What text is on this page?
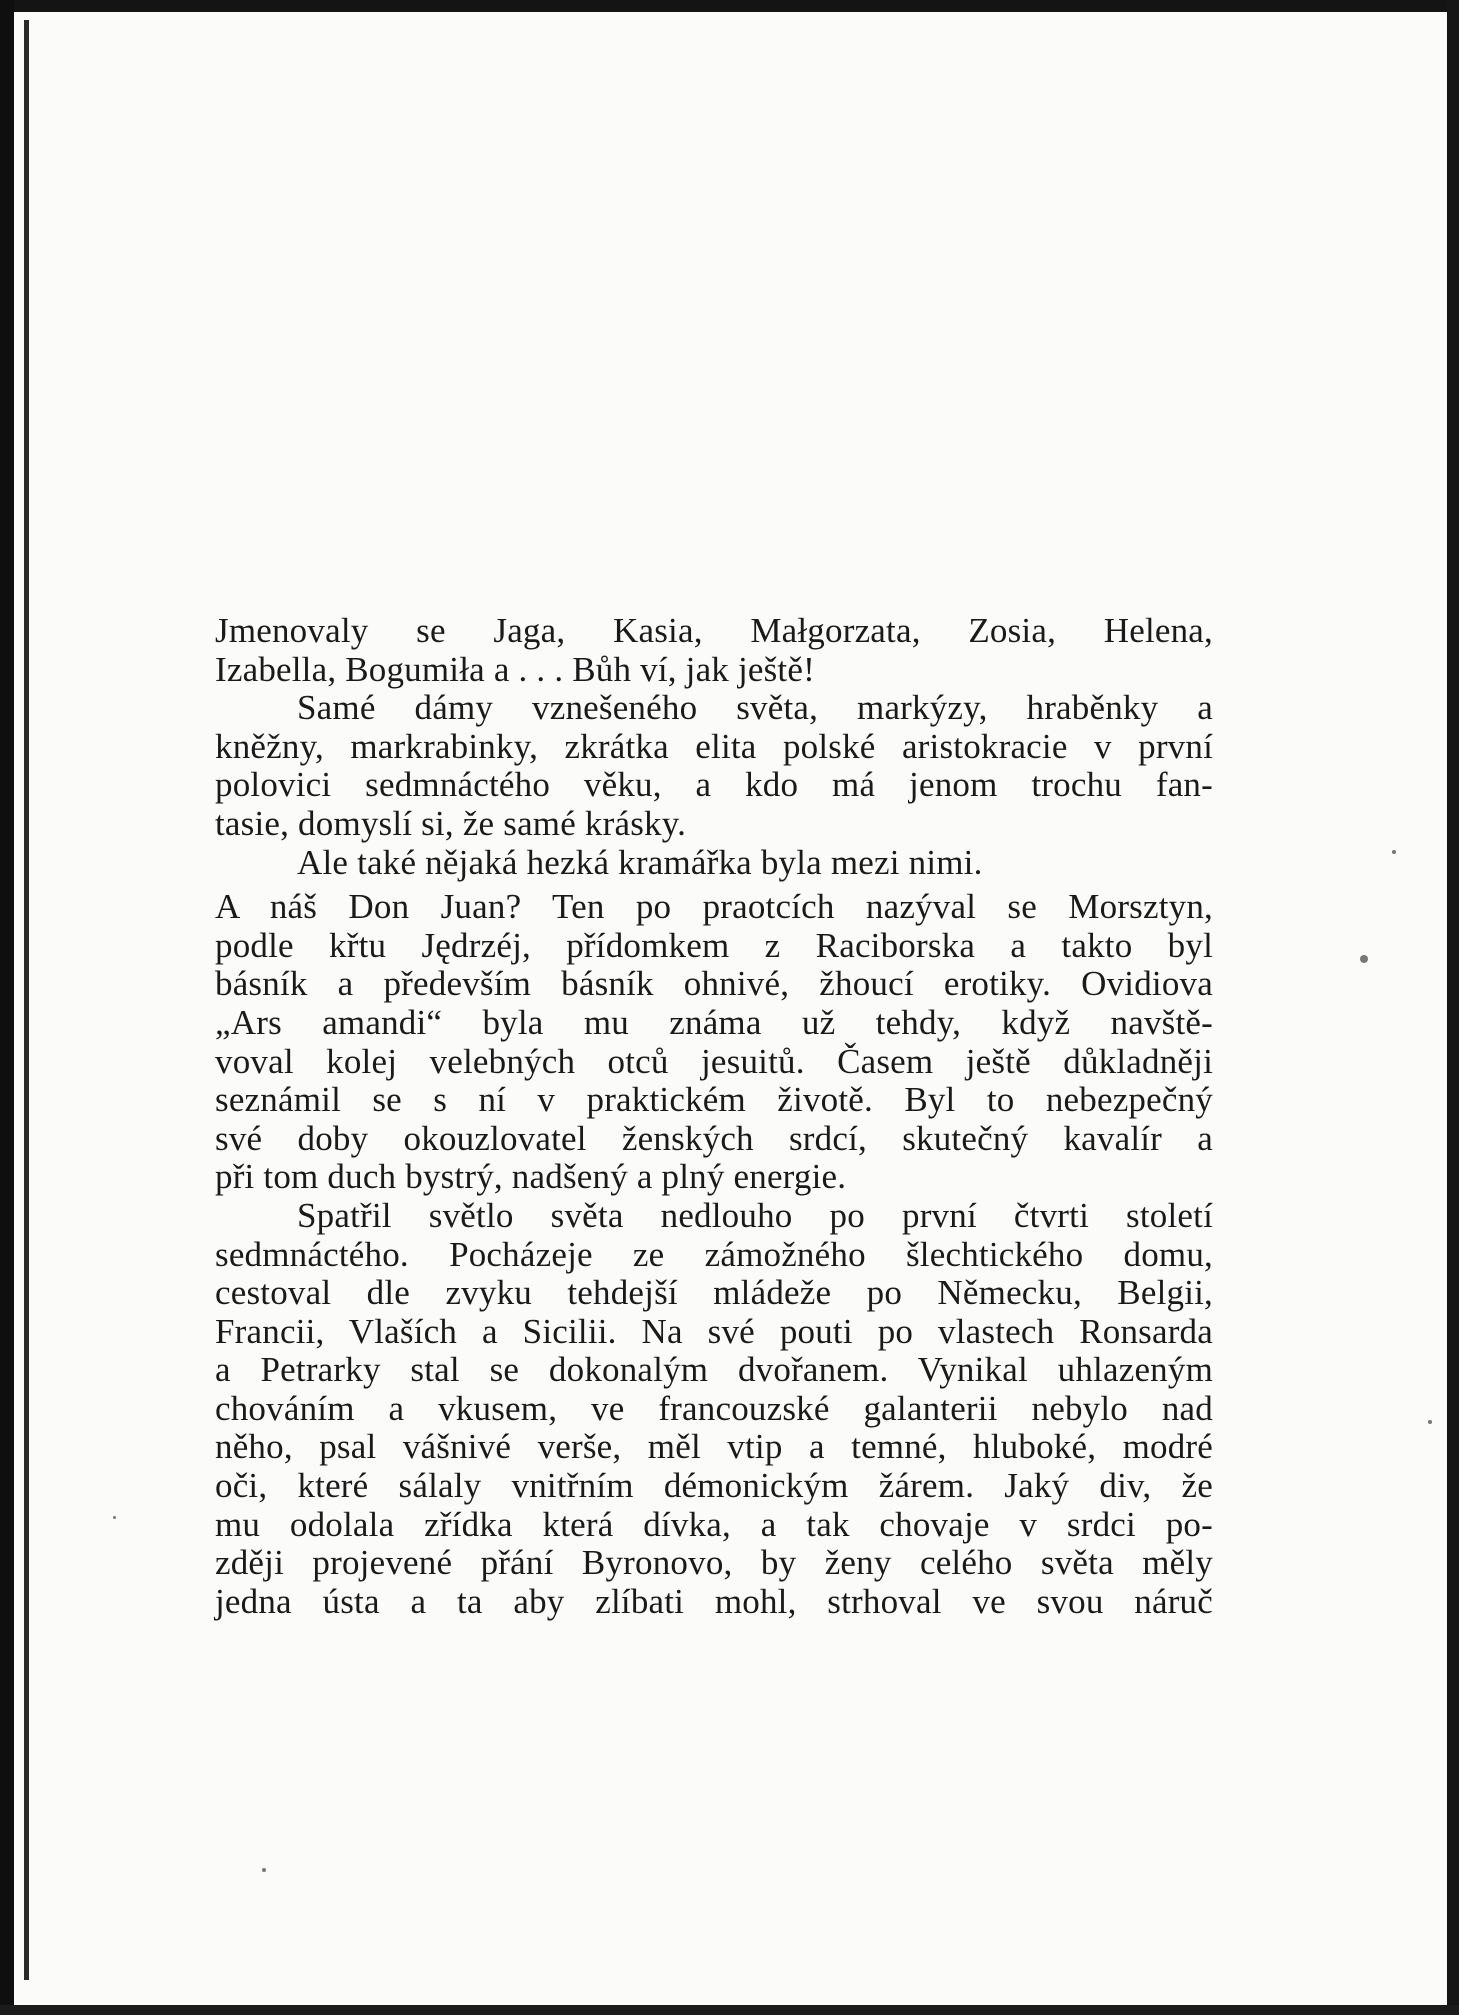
Jmenovaly se Jaga, Kasia, Małgorzata, Zosia, Helena,
Izabella, Bogumiła a . . . Bůh ví, jak ještě!
Samé dámy vznešeného světa, markýzy, hraběnky a
kněžny, markrabinky, zkrátka elita polské aristokracie v první
polovici sedmnáctého věku, a kdo má jenom trochu fan-
tasie, domyslí si, že samé krásky.
Ale také nějaká hezká kramářka byla mezi nimi.
A náš Don Juan? Ten po praotcích nazýval se Morsztyn,
podle křtu Jędrzéj, přídomkem z Raciborska a takto byl
básník a především básník ohnivé, žhoucí erotiky. Ovidiova
„Ars amandi“ byla mu známa už tehdy, když navště-
voval kolej velebných otců jesuitů. Časem ještě důkladněji
seznámil se s ní v praktickém životě. Byl to nebezpečný
své doby okouzlovatel ženských srdcí, skutečný kavalír a
při tom duch bystrý, nadšený a plný energie.
Spatřil světlo světa nedlouho po první čtvrti století
sedmnáctého. Pocházeje ze zámožného šlechtického domu,
cestoval dle zvyku tehdejší mládeže po Německu, Belgii,
Francii, Vlaších a Sicilii. Na své pouti po vlastech Ronsarda
a Petrarky stal se dokonalým dvořanem. Vynikal uhlazeným
chováním a vkusem, ve francouzské galanterii nebylo nad
něho, psal vášnivé verše, měl vtip a temné, hluboké, modré
oči, které sálaly vnitřním démonickým žárem. Jaký div, že
mu odolala zřídka která dívka, a tak chovaje v srdci po-
zději projevené přání Byronovo, by ženy celého světa měly
jedna ústa a ta aby zlíbati mohl, strhoval ve svou náruč
